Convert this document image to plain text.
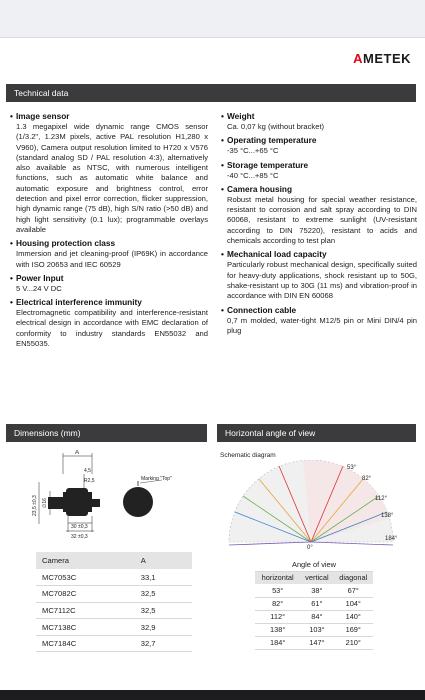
AMETEK
Technical data
• Image sensor
1.3 megapixel wide dynamic range CMOS sensor (1/3.2", 1.23M pixels, active PAL resolution H1,280 x V960), Camera output resolution limited to H720 x V576 (standard analog SD / PAL resolution 4:3), alternatively also available as NTSC, with numerous intelligent functions, such as automatic white balance and automatic exposure and brightness control, error detection and pixel error correction, flicker suppression, high dynamic range (75 dB), high S/N ratio (>50 dB) and high light sensitivity (0.1 lux); programmable overlays available
• Housing protection class
Immersion and jet cleaning-proof (IP69K) in accordance with ISO 20653 and IEC 60529
• Power Input
5 V...24 V DC
• Electrical interference immunity
Electromagnetic compatibility and interference-resistant electrical design in accordance with EMC declaration of conformity to industry standards EN55032 and EN55035.
• Weight
Ca. 0,07 kg (without bracket)
• Operating temperature
-35 °C...+65 °C
• Storage temperature
-40 °C...+85 °C
• Camera housing
Robust metal housing for special weather resistance, resistant to corrosion and salt spray according to DIN 60068, resistant to extreme sunlight (UV-resistant according to DIN 75220), resistant to acids and chemicals according to test plan
• Mechanical load capacity
Particularly robust mechanical design, specifically suited for heavy-duty applications, shock resistant up to 50G, shake-resistant up to 30G (11 ms) and vibration-proof in accordance with DIN EN 60068
• Connection cable
0,7 m molded, water-tight M12/5 pin or Mini DIN/4 pin plug
Dimensions (mm)	Horizontal angle of view
A
4,5
R2,5
∅16
23,5 ±0,3
30 ±0,3
32 ±0,3
Marking "Top"
Camera	A
MC7053C	33,1
MC7082C	32,5
MC7112C	32,5
MC7138C	32,9
MC7184C	32,7
Schematic diagram
53°
82°
112°
138°
184°
0°
Angle of view		
horizontal	vertical	diagonal
53°	38°	67°
82°	61°	104°
112°	84°	140°
138°	103°	169°
184°	147°	210°
